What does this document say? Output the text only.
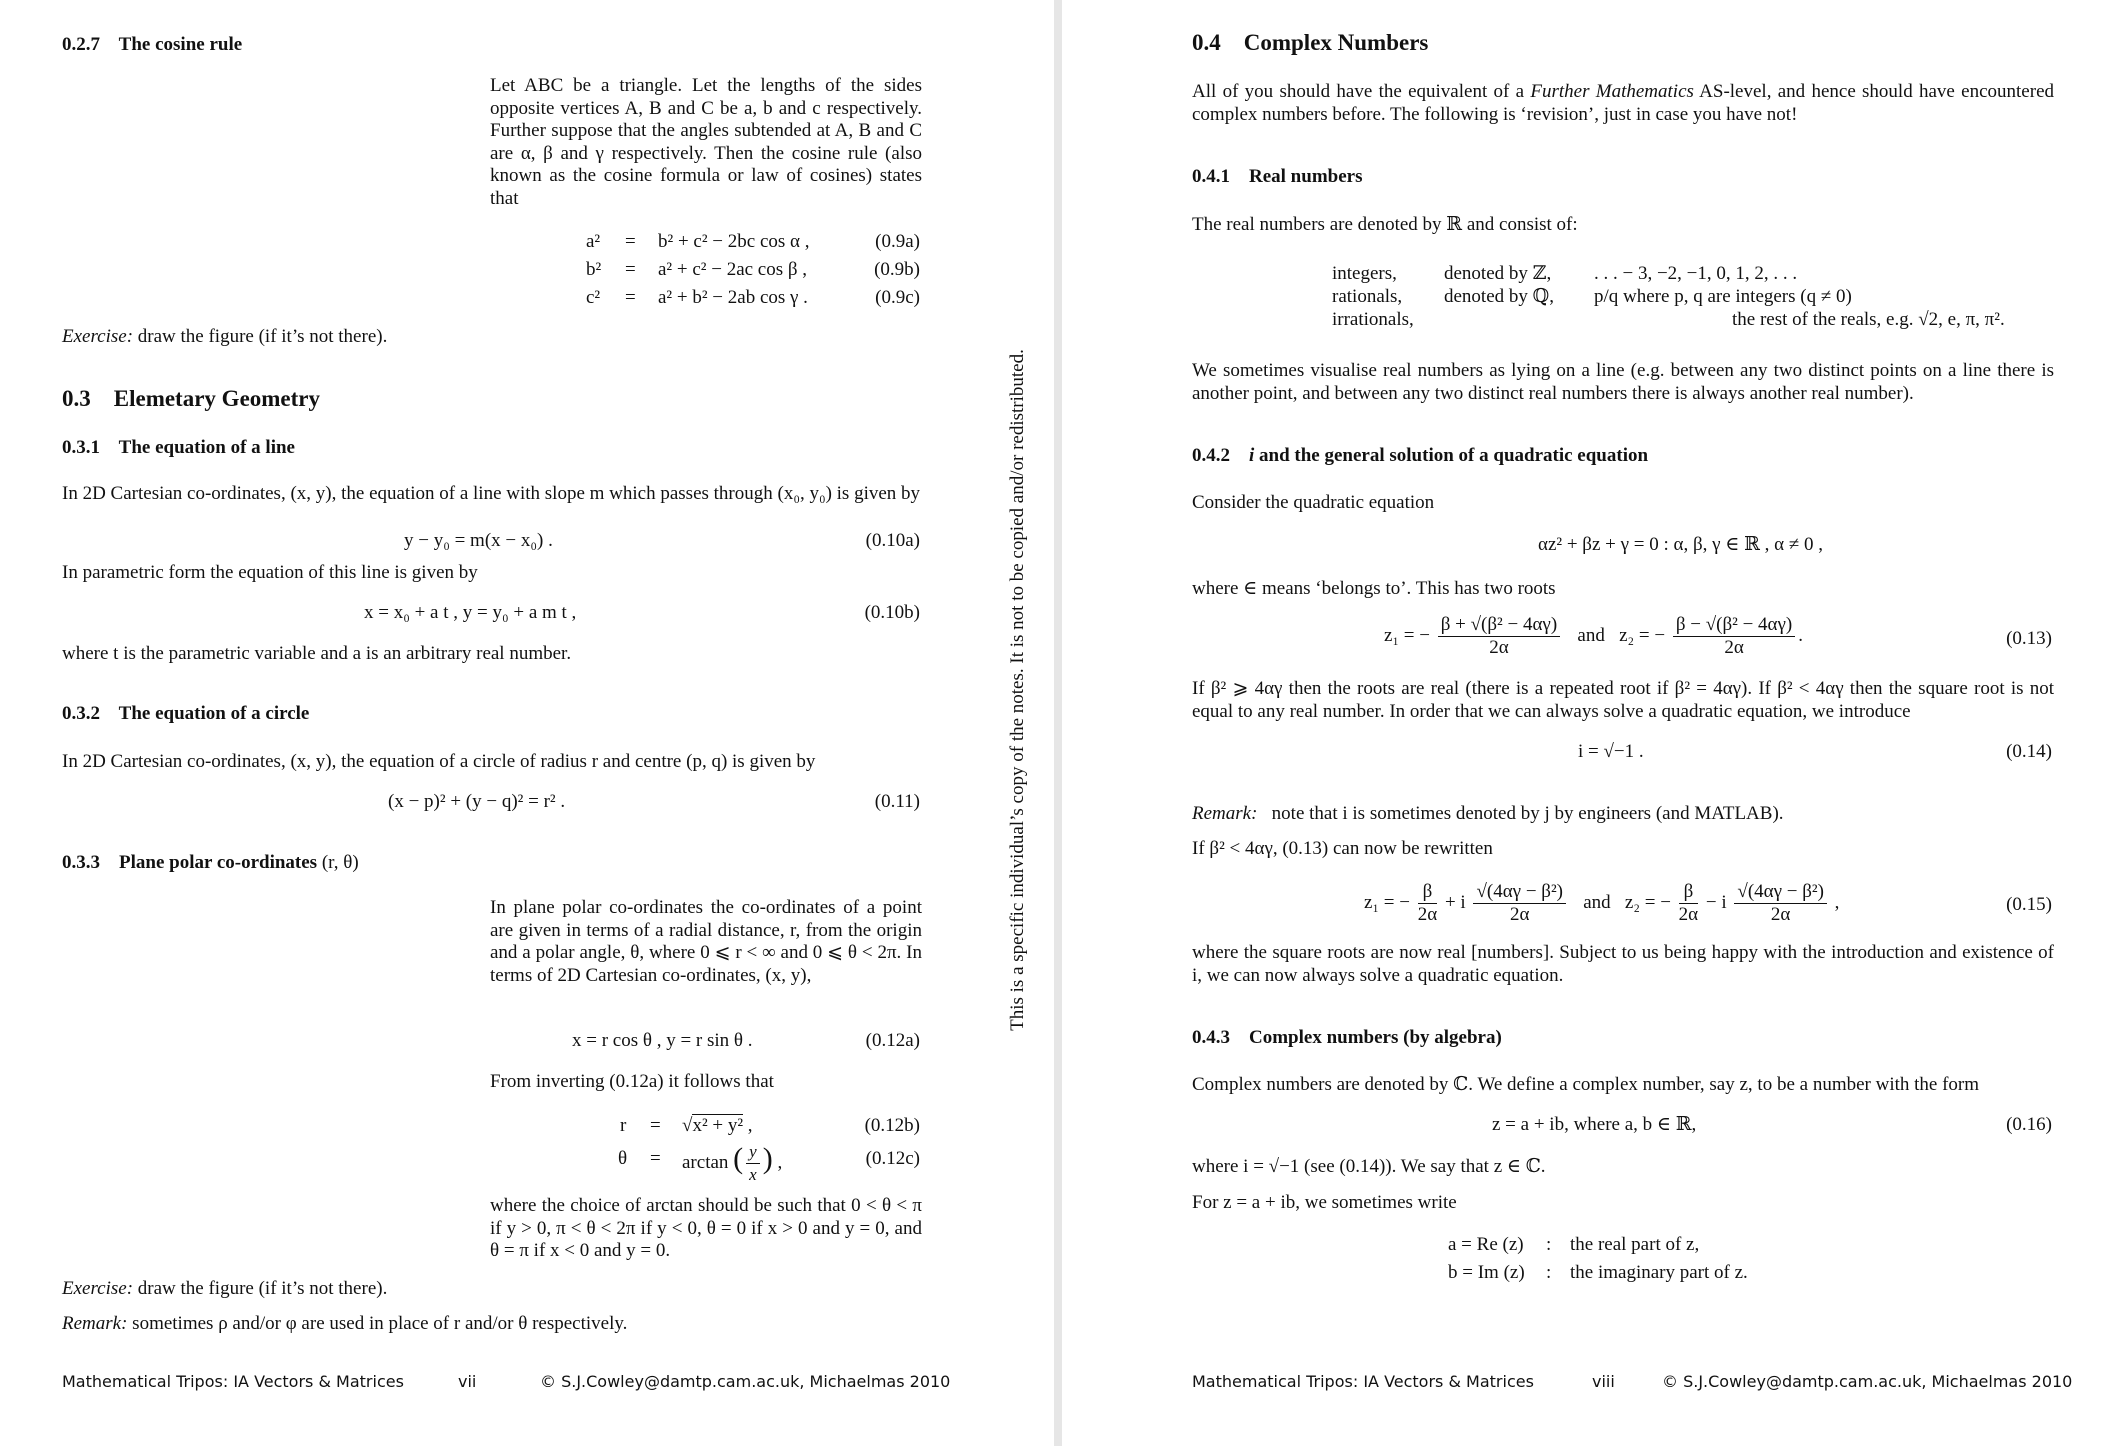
0.2.7 The cosine rule
Let ABC be a triangle. Let the lengths of the sides opposite vertices A, B and C be a, b and c respectively. Further suppose that the angles subtended at A, B and C are α, β and γ respectively. Then the cosine rule (also known as the cosine formula or law of cosines) states that
a² = b² + c² − 2bc cos α ,	(0.9a)
b² = a² + c² − 2ac cos β ,	(0.9b)
c² = a² + b² − 2ab cos γ .	(0.9c)
Exercise: draw the figure (if it’s not there).
0.3 Elemetary Geometry
0.3.1 The equation of a line
In 2D Cartesian co-ordinates, (x, y), the equation of a line with slope m which passes through (x₀, y₀) is given by
y − y₀ = m(x − x₀) .	(0.10a)
In parametric form the equation of this line is given by
x = x₀ + a t , y = y₀ + a m t ,	(0.10b)
where t is the parametric variable and a is an arbitrary real number.
0.3.2 The equation of a circle
In 2D Cartesian co-ordinates, (x, y), the equation of a circle of radius r and centre (p, q) is given by
(x − p)² + (y − q)² = r² .	(0.11)
0.3.3 Plane polar co-ordinates (r, θ)
In plane polar co-ordinates the co-ordinates of a point are given in terms of a radial distance, r, from the origin and a polar angle, θ, where 0 ⩽ r < ∞ and 0 ⩽ θ < 2π. In terms of 2D Cartesian co-ordinates, (x, y),
x = r cos θ , y = r sin θ .	(0.12a)
From inverting (0.12a) it follows that
r = √x² + y² ,	(0.12b)
θ = arctan ( $\frac{y}{x}$ ) ,	(0.12c)
where the choice of arctan should be such that 0 < θ < π if y > 0, π < θ < 2π if y < 0, θ = 0 if x > 0 and y = 0, and θ = π if x < 0 and y = 0.
Exercise: draw the figure (if it’s not there).
Remark: sometimes ρ and/or φ are used in place of r and/or θ respectively.
Mathematical Tripos: IA Vectors & Matrices	vii	© S.J.Cowley@damtp.cam.ac.uk, Michaelmas 2010
This is a specific individual’s copy of the notes. It is not to be copied and/or redistributed.
0.4 Complex Numbers
All of you should have the equivalent of a Further Mathematics AS-level, and hence should have encountered complex numbers before. The following is ‘revision’, just in case you have not!
0.4.1 Real numbers
The real numbers are denoted by ℝ and consist of:
integers, denoted by ℤ, . . . − 3, −2, −1, 0, 1, 2, . . .
rationals, denoted by ℚ, p/q where p, q are integers (q ≠ 0)
irrationals,	the rest of the reals, e.g. √2, e, π, π².
We sometimes visualise real numbers as lying on a line (e.g. between any two distinct points on a line there is another point, and between any two distinct real numbers there is always another real number).
0.4.2 i and the general solution of a quadratic equation
Consider the quadratic equation
αz² + βz + γ = 0 : α, β, γ ∈ ℝ , α ≠ 0 ,
where ∈ means ‘belongs to’. This has two roots
z₁ = − $\frac{\text{β + √(β² − 4αγ)}}{2\alpha}$ and z₂ = − $\frac{\text{β − √(β² − 4αγ)}}{2\alpha}$ .	(0.13)
If β² ⩾ 4αγ then the roots are real (there is a repeated root if β² = 4αγ). If β² < 4αγ then the square root is not equal to any real number. In order that we can always solve a quadratic equation, we introduce
i = √−1 .	(0.14)
Remark: note that i is sometimes denoted by j by engineers (and MATLAB).
If β² < 4αγ, (0.13) can now be rewritten
z₁ = − $\frac{\beta}{2\alpha} + i \frac{\text{√(4αγ − β²)}}{2\alpha}$ and z₂ = − $\frac{\beta}{2\alpha} - i \frac{\text{√(4αγ − β²)}}{2\alpha}$ ,	(0.15)
where the square roots are now real [numbers]. Subject to us being happy with the introduction and existence of i, we can now always solve a quadratic equation.
0.4.3 Complex numbers (by algebra)
Complex numbers are denoted by ℂ. We define a complex number, say z, to be a number with the form
z = a + ib, where a, b ∈ ℝ,	(0.16)
where i = √−1 (see (0.14)). We say that z ∈ ℂ.
For z = a + ib, we sometimes write
a = Re (z) : the real part of z,
b = Im (z) : the imaginary part of z.
Mathematical Tripos: IA Vectors & Matrices	viii	© S.J.Cowley@damtp.cam.ac.uk, Michaelmas 2010
